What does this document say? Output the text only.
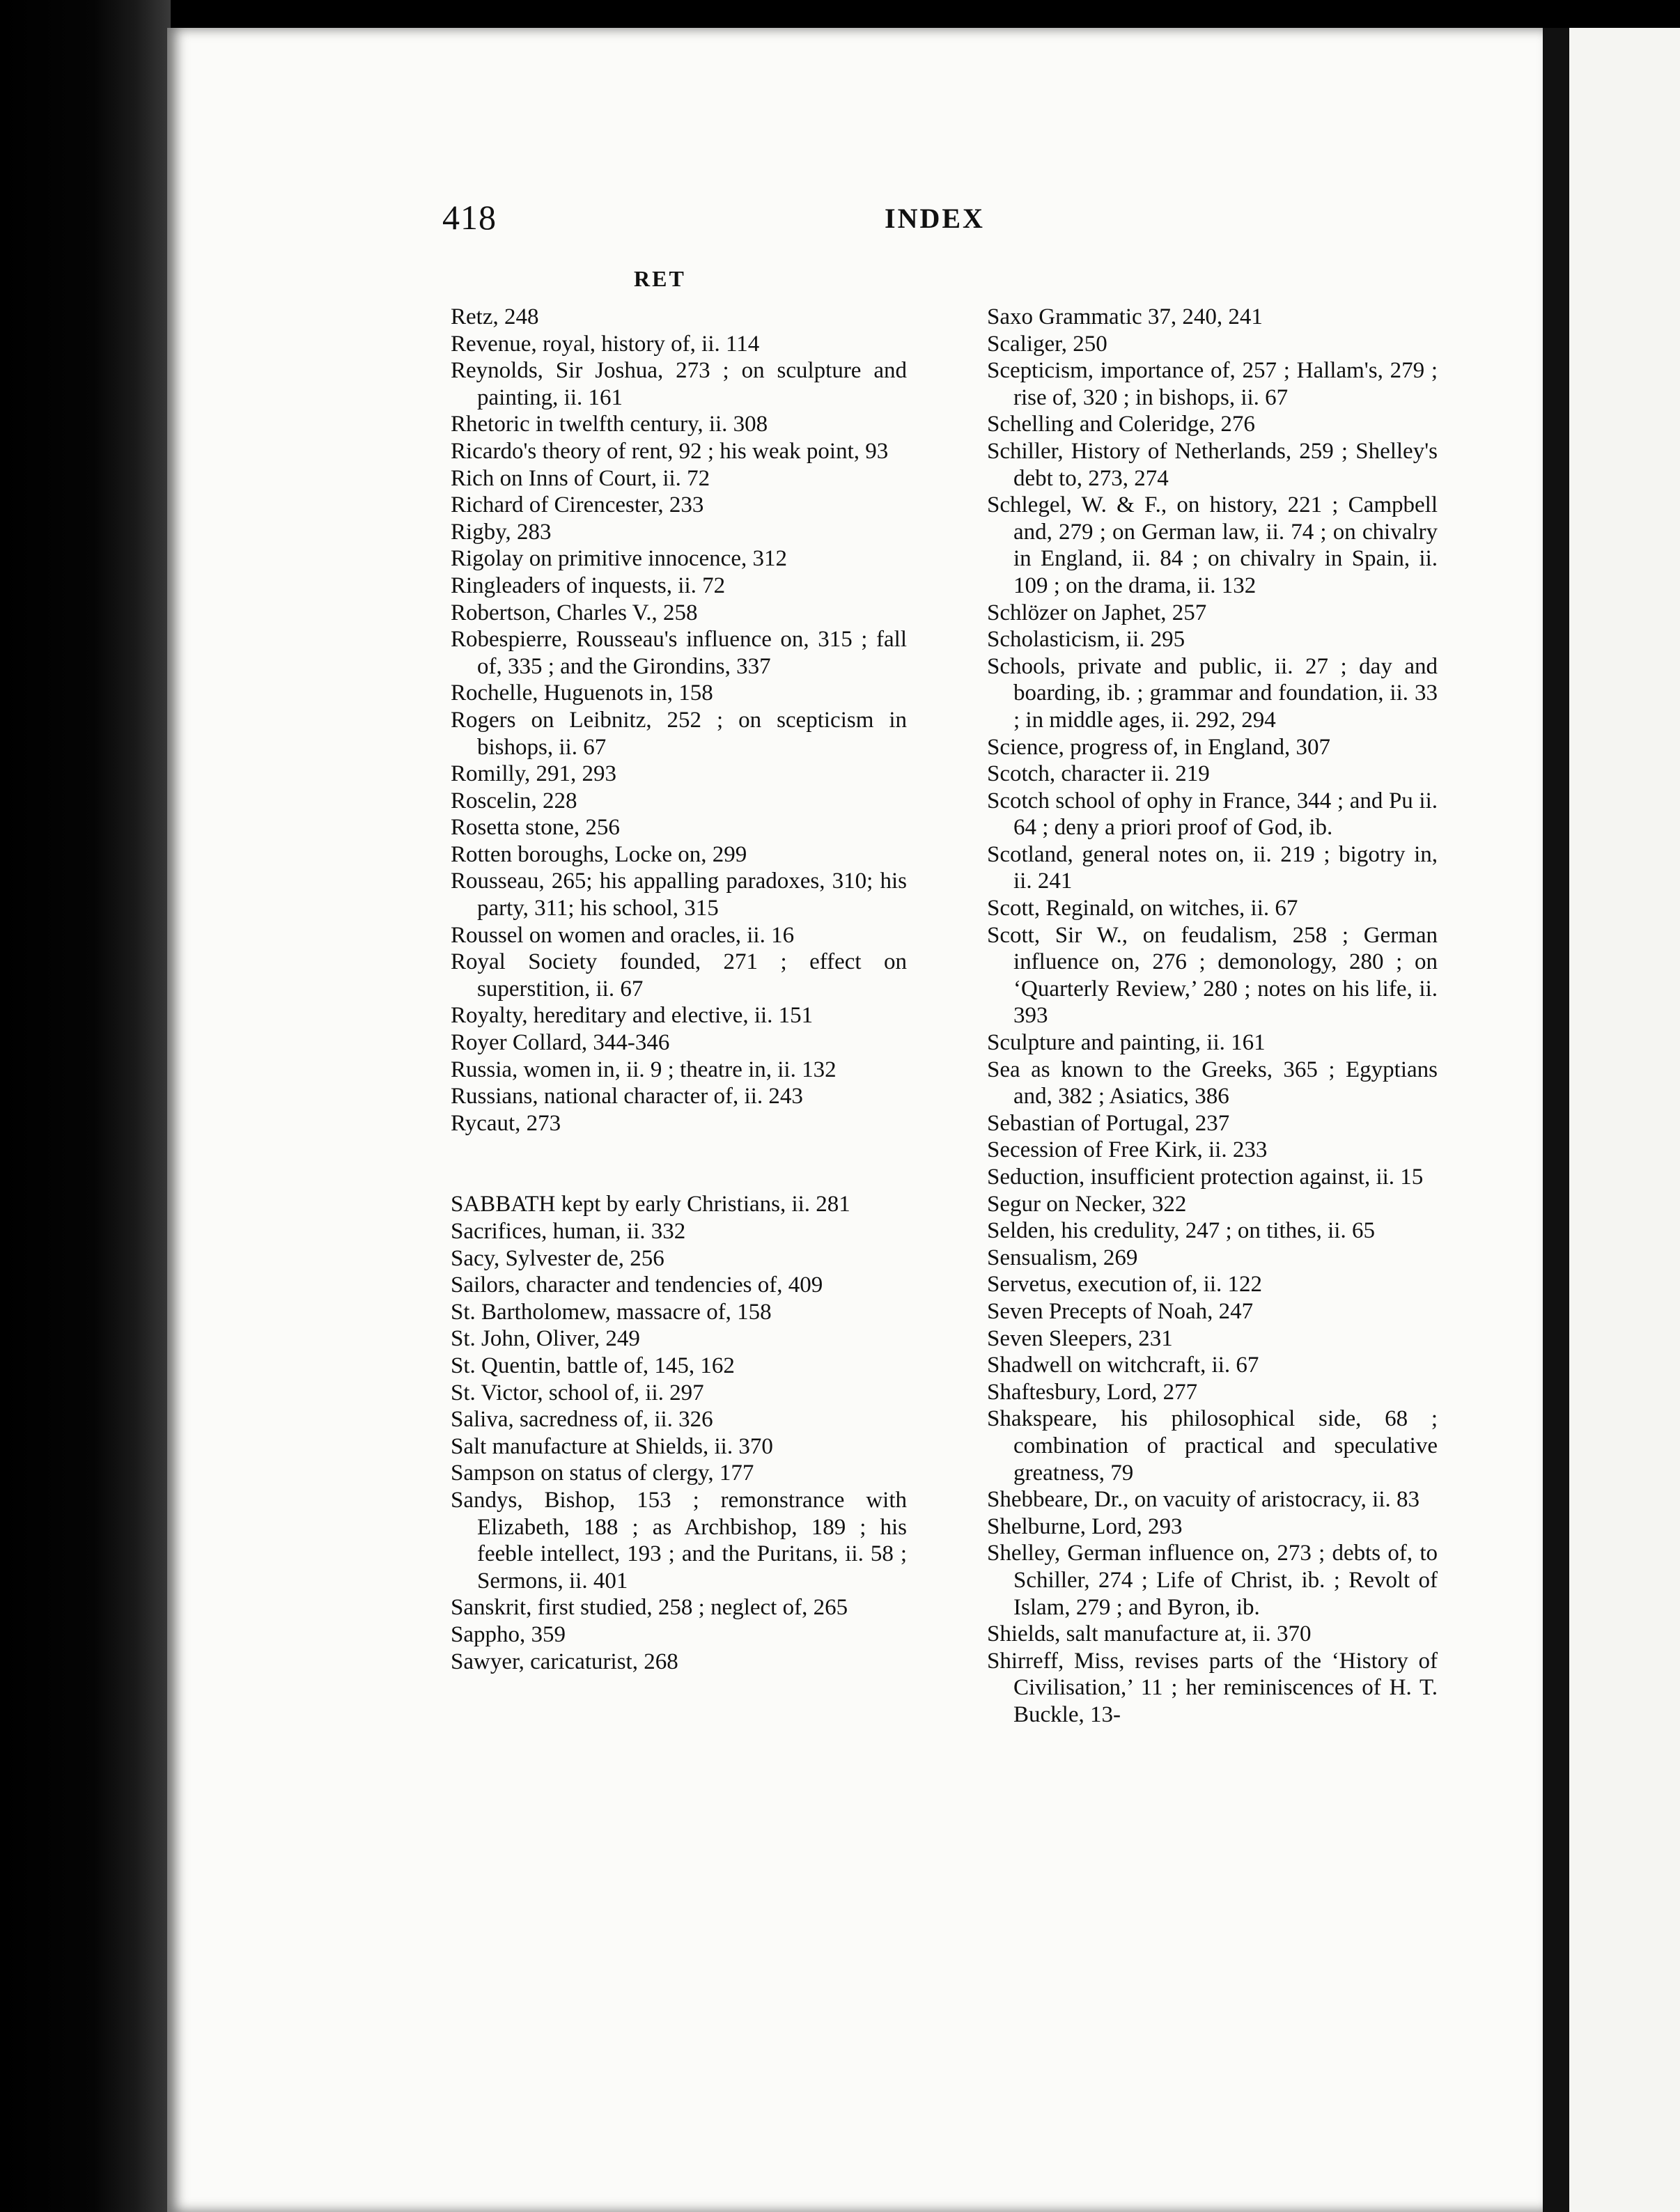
418	INDEX
RET
Retz, 248
Revenue, royal, history of, ii. 114
Reynolds, Sir Joshua, 273 ; on sculpture and painting, ii. 161
Rhetoric in twelfth century, ii. 308
Ricardo's theory of rent, 92 ; his weak point, 93
Rich on Inns of Court, ii. 72
Richard of Cirencester, 233
Rigby, 283
Rigolay on primitive innocence, 312
Ringleaders of inquests, ii. 72
Robertson, Charles V., 258
Robespierre, Rousseau's influence on, 315 ; fall of, 335 ; and the Girondins, 337
Rochelle, Huguenots in, 158
Rogers on Leibnitz, 252 ; on scepticism in bishops, ii. 67
Romilly, 291, 293
Roscelin, 228
Rosetta stone, 256
Rotten boroughs, Locke on, 299
Rousseau, 265; his appalling paradoxes, 310; his party, 311; his school, 315
Roussel on women and oracles, ii. 16
Royal Society founded, 271 ; effect on superstition, ii. 67
Royalty, hereditary and elective, ii. 151
Royer Collard, 344-346
Russia, women in, ii. 9 ; theatre in, ii. 132
Russians, national character of, ii. 243
Rycaut, 273
SABBATH kept by early Christians, ii. 281
Sacrifices, human, ii. 332
Sacy, Sylvester de, 256
Sailors, character and tendencies of, 409
St. Bartholomew, massacre of, 158
St. John, Oliver, 249
St. Quentin, battle of, 145, 162
St. Victor, school of, ii. 297
Saliva, sacredness of, ii. 326
Salt manufacture at Shields, ii. 370
Sampson on status of clergy, 177
Sandys, Bishop, 153 ; remonstrance with Elizabeth, 188 ; as Archbishop, 189 ; his feeble intellect, 193 ; and the Puritans, ii. 58 ; Sermons, ii. 401
Sanskrit, first studied, 258 ; neglect of, 265
Sappho, 359
Sawyer, caricaturist, 268
Saxo Grammatic 37, 240, 241
Scaliger, 250
Scepticism, importance of, 257 ; Hallam's, 279 ; rise of, 320 ; in bishops, ii. 67
Schelling and Coleridge, 276
Schiller, History of Netherlands, 259 ; Shelley's debt to, 273, 274
Schlegel, W. & F., on history, 221 ; Campbell and, 279 ; on German law, ii. 74 ; on chivalry in England, ii. 84 ; on chivalry in Spain, ii. 109 ; on the drama, ii. 132
Schlözer on Japhet, 257
Scholasticism, ii. 295
Schools, private and public, ii. 27 ; day and boarding, ib. ; grammar and foundation, ii. 33 ; in middle ages, ii. 292, 294
Science, progress of, in England, 307
Scotch, character ii. 219
Scotch school of ophy in France, 344 ; and Pu ii. 64 ; deny a priori proof of God, ib.
Scotland, general notes on, ii. 219 ; bigotry in, ii. 241
Scott, Reginald, on witches, ii. 67
Scott, Sir W., on feudalism, 258 ; German influence on, 276 ; demonology, 280 ; on ‘Quarterly Review,’ 280 ; notes on his life, ii. 393
Sculpture and painting, ii. 161
Sea as known to the Greeks, 365 ; Egyptians and, 382 ; Asiatics, 386
Sebastian of Portugal, 237
Secession of Free Kirk, ii. 233
Seduction, insufficient protection against, ii. 15
Segur on Necker, 322
Selden, his credulity, 247 ; on tithes, ii. 65
Sensualism, 269
Servetus, execution of, ii. 122
Seven Precepts of Noah, 247
Seven Sleepers, 231
Shadwell on witchcraft, ii. 67
Shaftesbury, Lord, 277
Shakspeare, his philosophical side, 68 ; combination of practical and speculative greatness, 79
Shebbeare, Dr., on vacuity of aristocracy, ii. 83
Shelburne, Lord, 293
Shelley, German influence on, 273 ; debts of, to Schiller, 274 ; Life of Christ, ib. ; Revolt of Islam, 279 ; and Byron, ib.
Shields, salt manufacture at, ii. 370
Shirreff, Miss, revises parts of the ‘History of Civilisation,’ 11 ; her reminiscences of H. T. Buckle, 13-
